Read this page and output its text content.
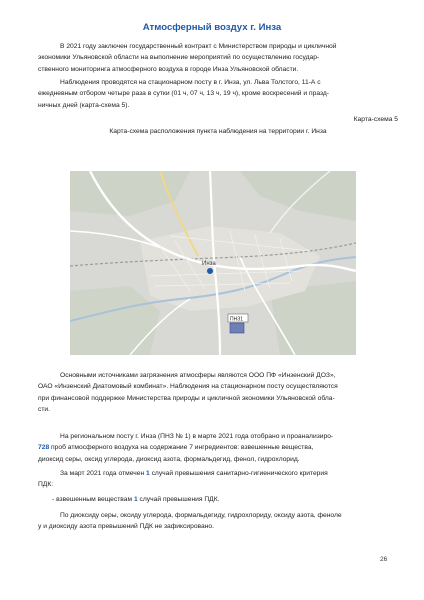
Атмосферный воздух г. Инза
В 2021 году заключен государственный контракт с Министерством природы и цикличной
экономики Ульяновской области на выполнение мероприятий по осуществлению государ-
ственного мониторинга атмосферного воздуха в городе Инза Ульяновской области.
Наблюдения проводятся на стационарном посту в г. Инза, ул. Льва Толстого, 11-А с
ежедневным отбором четыре раза в сутки (01 ч, 07 ч, 13 ч, 19 ч), кроме воскресений и празд-
ничных дней (карта-схема 5).
Карта-схема 5
Карта-схема расположения пункта наблюдения на территории г. Инза
Инза
ПНЗ1
Основными источниками загрязнения атмосферы являются ООО ПФ «Инзенский ДОЗ»,
ОАО «Инзенский Диатомовый комбинат». Наблюдения на стационарном посту осуществляются
при финансовой поддержке Министерства природы и цикличной экономики Ульяновской обла-
сти.
На региональном посту г. Инза (ПНЗ № 1) в марте 2021 года отобрано и проанализиро-
728 проб атмосферного воздуха на содержание 7 ингредиентов: взвешенные вещества,
диоксид серы, оксид углерода, диоксид азота, формальдегид, фенол, гидрохлорид.
За март 2021 года отмечен 1 случай превышения санитарно-гигиенического критерия
ПДК:
- взвешенным веществам 1 случай превышения ПДК.
По диоксиду серы, оксиду углерода, формальдегиду, гидрохлориду, оксиду азота, феноле
у и диоксиду азота превышений ПДК не зафиксировано.
26
